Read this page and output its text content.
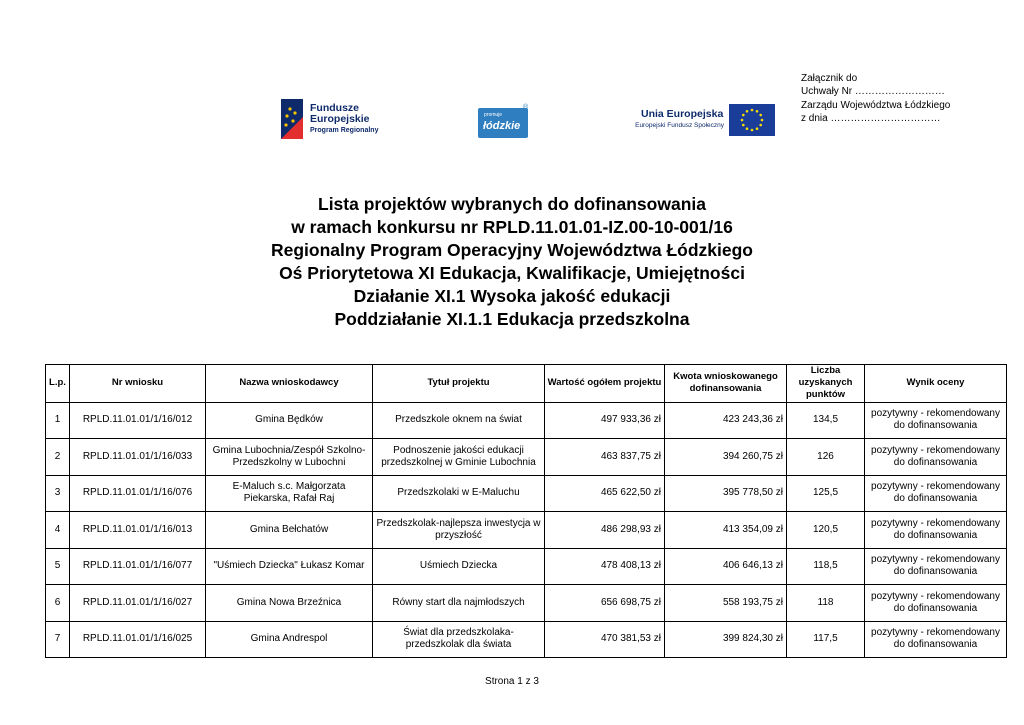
Załącznik do
Uchwały Nr ………………………
Zarządu Województwa Łódzkiego
z dnia ……………………………
Fundusze
Europejskie
Program Regionalny
promuje
łódzkie
®
Unia Europejska
Europejski Fundusz Społeczny
Lista projektów wybranych do dofinansowania
w ramach konkursu nr RPLD.11.01.01-IZ.00-10-001/16
Regionalny Program Operacyjny Województwa Łódzkiego
Oś Priorytetowa XI Edukacja, Kwalifikacje, Umiejętności
Działanie XI.1 Wysoka jakość edukacji
Poddziałanie XI.1.1 Edukacja przedszkolna
L.p.	Nr wniosku	Nazwa wnioskodawcy	Tytuł projektu	Wartość ogółem projektu	Kwota wnioskowanego dofinansowania	Liczba uzyskanych punktów	Wynik oceny
1	RPLD.11.01.01/1/16/012	Gmina Będków	Przedszkole oknem na świat	497 933,36 zł	423 243,36 zł	134,5	pozytywny - rekomendowany do dofinansowania
2	RPLD.11.01.01/1/16/033	Gmina Lubochnia/Zespół Szkolno-Przedszkolny w Lubochni	Podnoszenie jakości edukacji przedszkolnej w Gminie Lubochnia	463 837,75 zł	394 260,75 zł	126	pozytywny - rekomendowany do dofinansowania
3	RPLD.11.01.01/1/16/076	E-Maluch s.c. Małgorzata Piekarska, Rafał Raj	Przedszkolaki w E-Maluchu	465 622,50 zł	395 778,50 zł	125,5	pozytywny - rekomendowany do dofinansowania
4	RPLD.11.01.01/1/16/013	Gmina Bełchatów	Przedszkolak-najlepsza inwestycja w przyszłość	486 298,93 zł	413 354,09 zł	120,5	pozytywny - rekomendowany do dofinansowania
5	RPLD.11.01.01/1/16/077	"Uśmiech Dziecka" Łukasz Komar	Uśmiech Dziecka	478 408,13 zł	406 646,13 zł	118,5	pozytywny - rekomendowany do dofinansowania
6	RPLD.11.01.01/1/16/027	Gmina Nowa Brzeźnica	Równy start dla najmłodszych	656 698,75 zł	558 193,75 zł	118	pozytywny - rekomendowany do dofinansowania
7	RPLD.11.01.01/1/16/025	Gmina Andrespol	Świat dla przedszkolaka-przedszkolak dla świata	470 381,53 zł	399 824,30 zł	117,5	pozytywny - rekomendowany do dofinansowania
Strona 1 z 3
